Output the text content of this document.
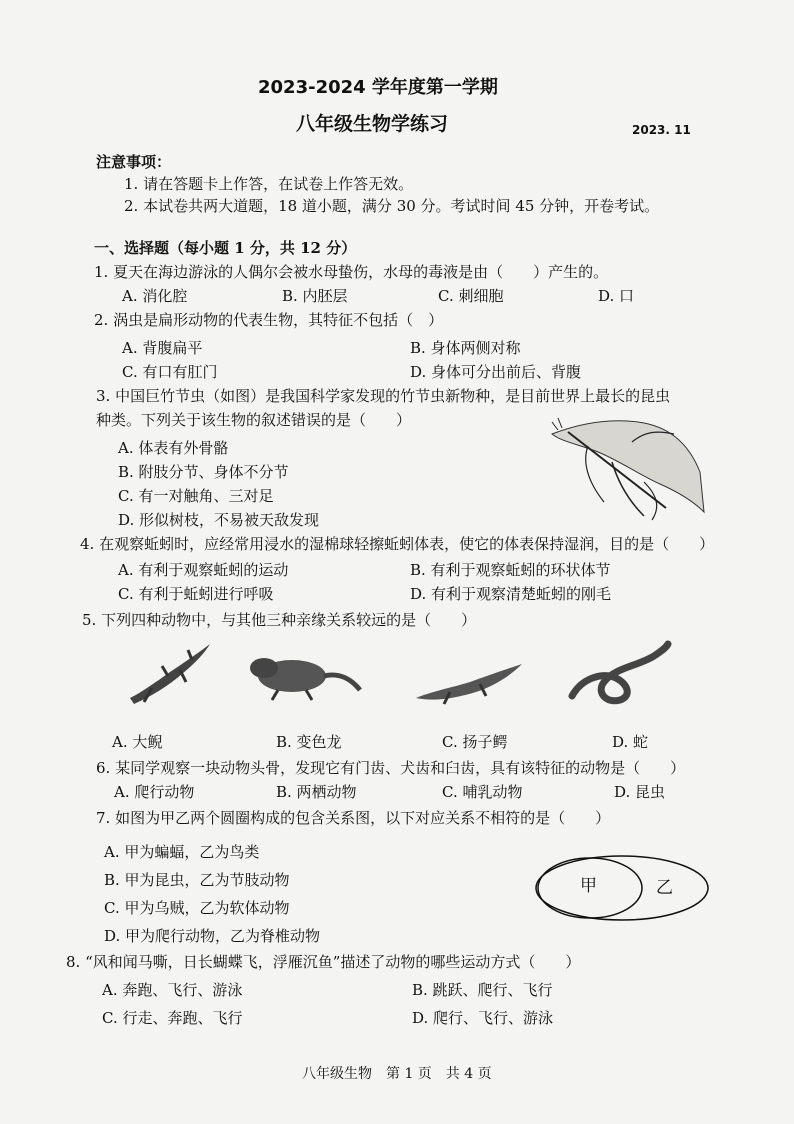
2023-2024 学年度第一学期
八年级生物学练习	2023. 11
注意事项：
1. 请在答题卡上作答，在试卷上作答无效。
2. 本试卷共两大道题，18 道小题，满分 30 分。考试时间 45 分钟，开卷考试。
一、选择题（每小题 1 分，共 12 分）
1. 夏天在海边游泳的人偶尔会被水母蛰伤，水母的毒液是由（　　）产生的。
A. 消化腔	B. 内胚层	C. 刺细胞	D. 口
2. 涡虫是扁形动物的代表生物，其特征不包括（　）
A. 背腹扁平	B. 身体两侧对称
C. 有口有肛门	D. 身体可分出前后、背腹
3. 中国巨竹节虫（如图）是我国科学家发现的竹节虫新物种，是目前世界上最长的昆虫
种类。下列关于该生物的叙述错误的是（　　）
A. 体表有外骨骼
B. 附肢分节、身体不分节
C. 有一对触角、三对足
D. 形似树枝，不易被天敌发现
4. 在观察蚯蚓时，应经常用浸水的湿棉球轻擦蚯蚓体表，使它的体表保持湿润，目的是（　　）
A. 有利于观察蚯蚓的运动	B. 有利于观察蚯蚓的环状体节
C. 有利于蚯蚓进行呼吸	D. 有利于观察清楚蚯蚓的刚毛
5. 下列四种动物中，与其他三种亲缘关系较远的是（　　）
A. 大鲵	B. 变色龙	C. 扬子鳄	D. 蛇
6. 某同学观察一块动物头骨，发现它有门齿、犬齿和臼齿，具有该特征的动物是（　　）
A. 爬行动物	B. 两栖动物	C. 哺乳动物	D. 昆虫
7. 如图为甲乙两个圆圈构成的包含关系图，以下对应关系不相符的是（　　）
A. 甲为蝙蝠，乙为鸟类
B. 甲为昆虫，乙为节肢动物
C. 甲为乌贼，乙为软体动物
D. 甲为爬行动物，乙为脊椎动物
甲	乙
8. “风和闻马嘶，日长蝴蝶飞，浮雁沉鱼”描述了动物的哪些运动方式（　　）
A. 奔跑、飞行、游泳	B. 跳跃、爬行、飞行
C. 行走、奔跑、飞行	D. 爬行、飞行、游泳
八年级生物　第 1 页　共 4 页
